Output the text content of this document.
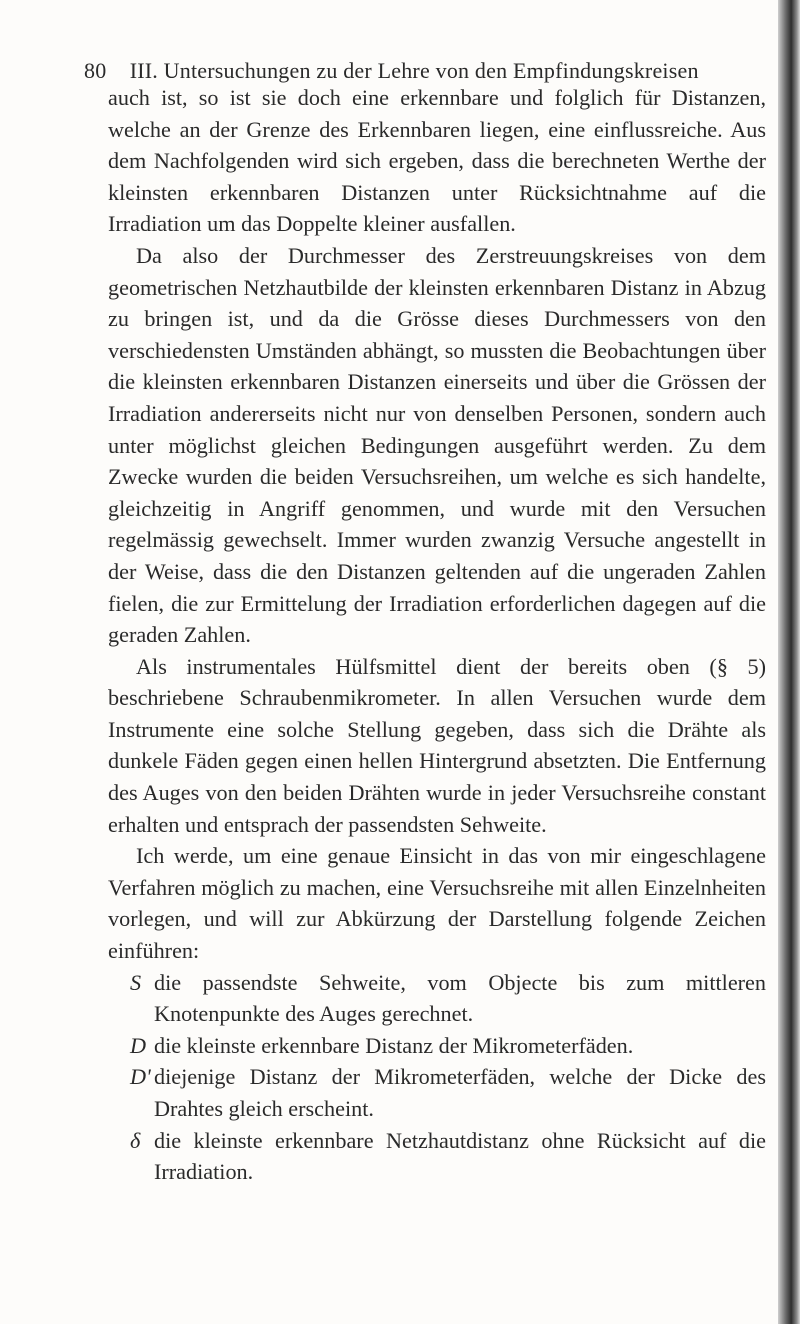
80 III. Untersuchungen zu der Lehre von den Empfindungskreisen

auch ist, so ist sie doch eine erkennbare und folglich für Distanzen, welche an der Grenze des Erkennbaren liegen, eine einflussreiche. Aus dem Nachfolgenden wird sich ergeben, dass die berechneten Werthe der kleinsten erkennbaren Distanzen unter Rücksichtnahme auf die Irradiation um das Doppelte kleiner ausfallen.

Da also der Durchmesser des Zerstreuungskreises von dem geometrischen Netzhautbilde der kleinsten erkennbaren Distanz in Abzug zu bringen ist, und da die Grösse dieses Durchmessers von den verschiedensten Umständen abhängt, so mussten die Beobachtungen über die kleinsten erkennbaren Distanzen einerseits und über die Grössen der Irradiation andererseits nicht nur von denselben Personen, sondern auch unter möglichst gleichen Bedingungen ausgeführt werden. Zu dem Zwecke wurden die beiden Versuchsreihen, um welche es sich handelte, gleichzeitig in Angriff genommen, und wurde mit den Versuchen regelmässig gewechselt. Immer wurden zwanzig Versuche angestellt in der Weise, dass die den Distanzen geltenden auf die ungeraden Zahlen fielen, die zur Ermittelung der Irradiation erforderlichen dagegen auf die geraden Zahlen.

Als instrumentales Hülfsmittel dient der bereits oben (§ 5) beschriebene Schraubenmikrometer. In allen Versuchen wurde dem Instrumente eine solche Stellung gegeben, dass sich die Drähte als dunkele Fäden gegen einen hellen Hintergrund absetzten. Die Entfernung des Auges von den beiden Drähten wurde in jeder Versuchsreihe constant erhalten und entsprach der passendsten Sehweite.

Ich werde, um eine genaue Einsicht in das von mir eingeschlagene Verfahren möglich zu machen, eine Versuchsreihe mit allen Einzelnheiten vorlegen, und will zur Abkürzung der Darstellung folgende Zeichen einführen:

S die passendste Sehweite, vom Objecte bis zum mittleren Knotenpunkte des Auges gerechnet.
D die kleinste erkennbare Distanz der Mikrometerfäden.
D' diejenige Distanz der Mikrometerfäden, welche der Dicke des Drahtes gleich erscheint.
δ die kleinste erkennbare Netzhautdistanz ohne Rücksicht auf die Irradiation.
